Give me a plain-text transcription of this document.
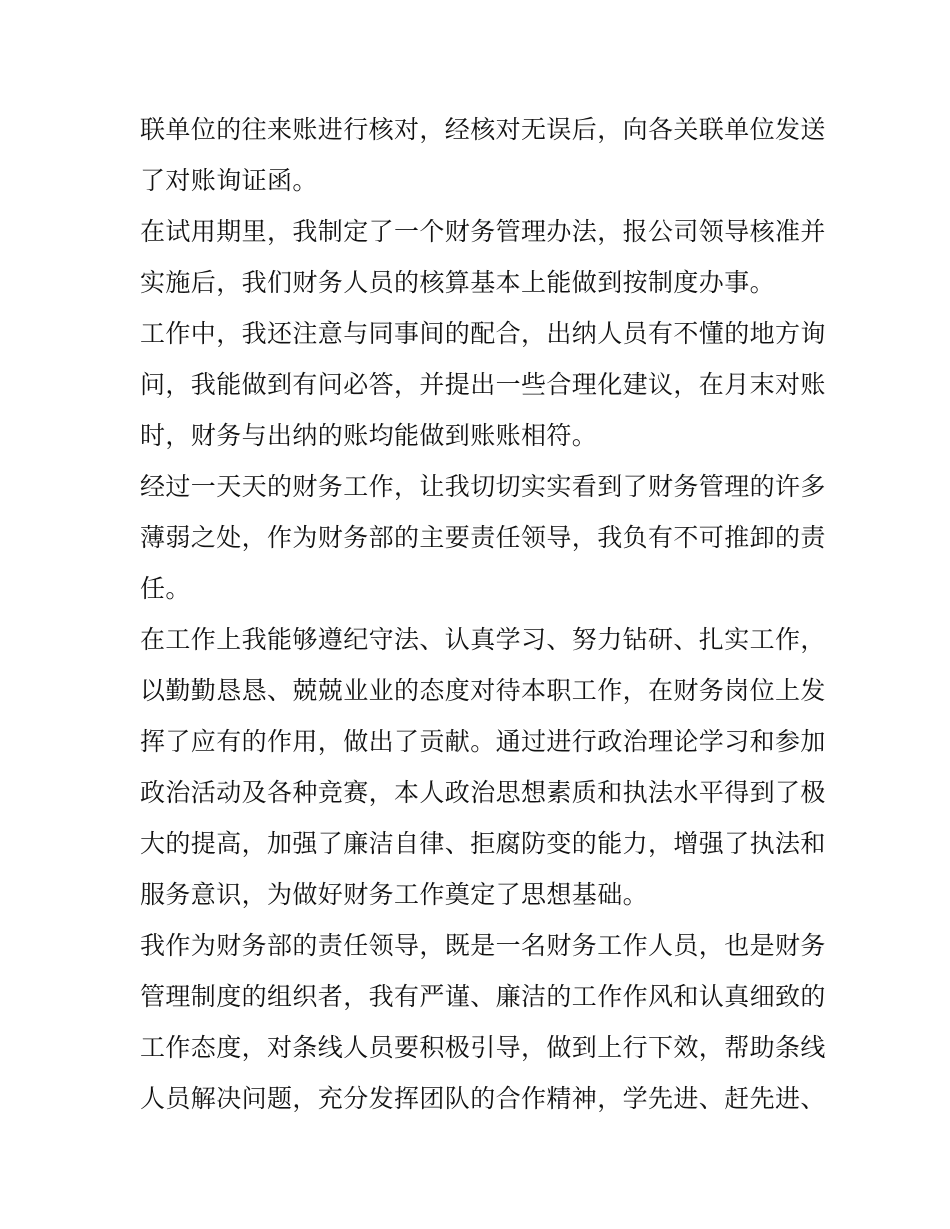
联单位的往来账进行核对，经核对无误后，向各关联单位发送
了对账询证函。
在试用期里，我制定了一个财务管理办法，报公司领导核准并
实施后，我们财务人员的核算基本上能做到按制度办事。
工作中，我还注意与同事间的配合，出纳人员有不懂的地方询
问，我能做到有问必答，并提出一些合理化建议，在月末对账
时，财务与出纳的账均能做到账账相符。
经过一天天的财务工作，让我切切实实看到了财务管理的许多
薄弱之处，作为财务部的主要责任领导，我负有不可推卸的责
任。
在工作上我能够遵纪守法、认真学习、努力钻研、扎实工作，
以勤勤恳恳、兢兢业业的态度对待本职工作，在财务岗位上发
挥了应有的作用，做出了贡献。通过进行政治理论学习和参加
政治活动及各种竞赛，本人政治思想素质和执法水平得到了极
大的提高，加强了廉洁自律、拒腐防变的能力，增强了执法和
服务意识，为做好财务工作奠定了思想基础。
我作为财务部的责任领导，既是一名财务工作人员，也是财务
管理制度的组织者，我有严谨、廉洁的工作作风和认真细致的
工作态度，对条线人员要积极引导，做到上行下效，帮助条线
人员解决问题，充分发挥团队的合作精神，学先进、赶先进、
